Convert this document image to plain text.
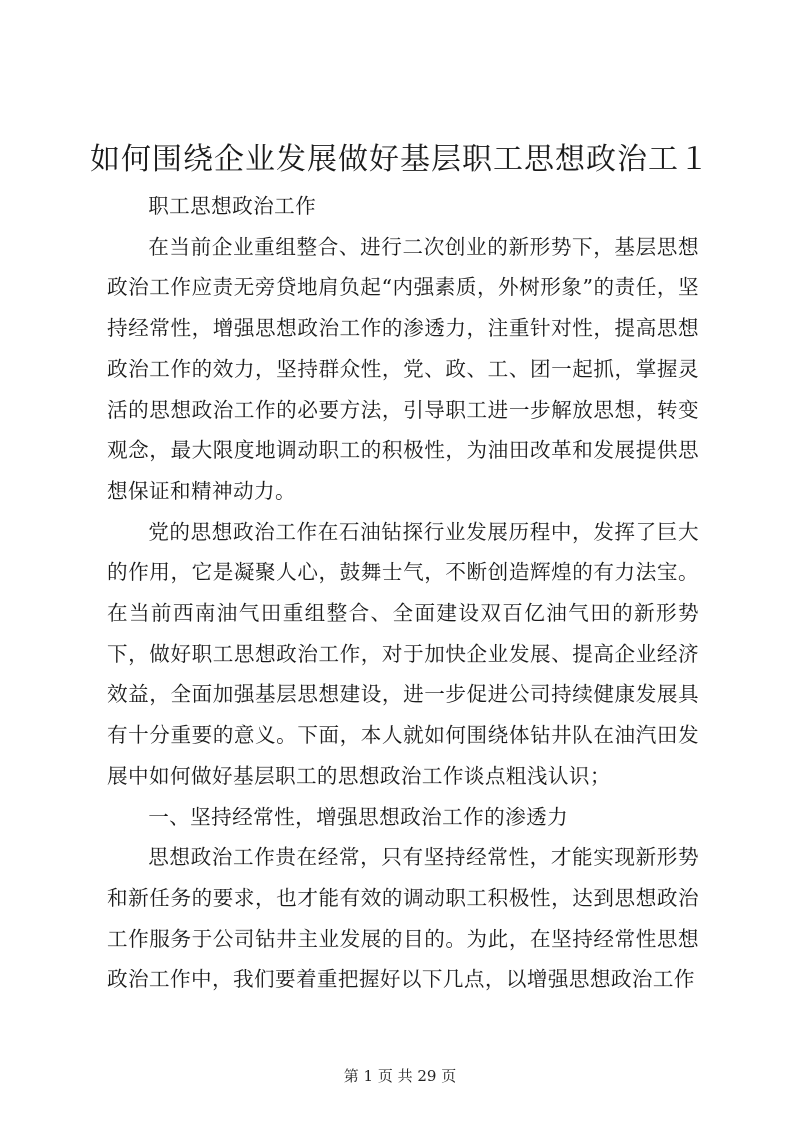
如何围绕企业发展做好基层职工思想政治工１

职工思想政治工作

在当前企业重组整合、进行二次创业的新形势下，基层思想政治工作应责无旁贷地肩负起“内强素质，外树形象”的责任，坚持经常性，增强思想政治工作的渗透力，注重针对性，提高思想政治工作的效力，坚持群众性，党、政、工、团一起抓，掌握灵活的思想政治工作的必要方法，引导职工进一步解放思想，转变观念，最大限度地调动职工的积极性，为油田改革和发展提供思想保证和精神动力。

党的思想政治工作在石油钻探行业发展历程中，发挥了巨大的作用，它是凝聚人心，鼓舞士气，不断创造辉煌的有力法宝。在当前西南油气田重组整合、全面建设双百亿油气田的新形势下，做好职工思想政治工作，对于加快企业发展、提高企业经济效益，全面加强基层思想建设，进一步促进公司持续健康发展具有十分重要的意义。下面，本人就如何围绕体钻井队在油汽田发展中如何做好基层职工的思想政治工作谈点粗浅认识；

一、坚持经常性，增强思想政治工作的渗透力

思想政治工作贵在经常，只有坚持经常性，才能实现新形势和新任务的要求，也才能有效的调动职工积极性，达到思想政治工作服务于公司钻井主业发展的目的。为此，在坚持经常性思想政治工作中，我们要着重把握好以下几点，以增强思想政治工作

第 1 页 共 29 页
